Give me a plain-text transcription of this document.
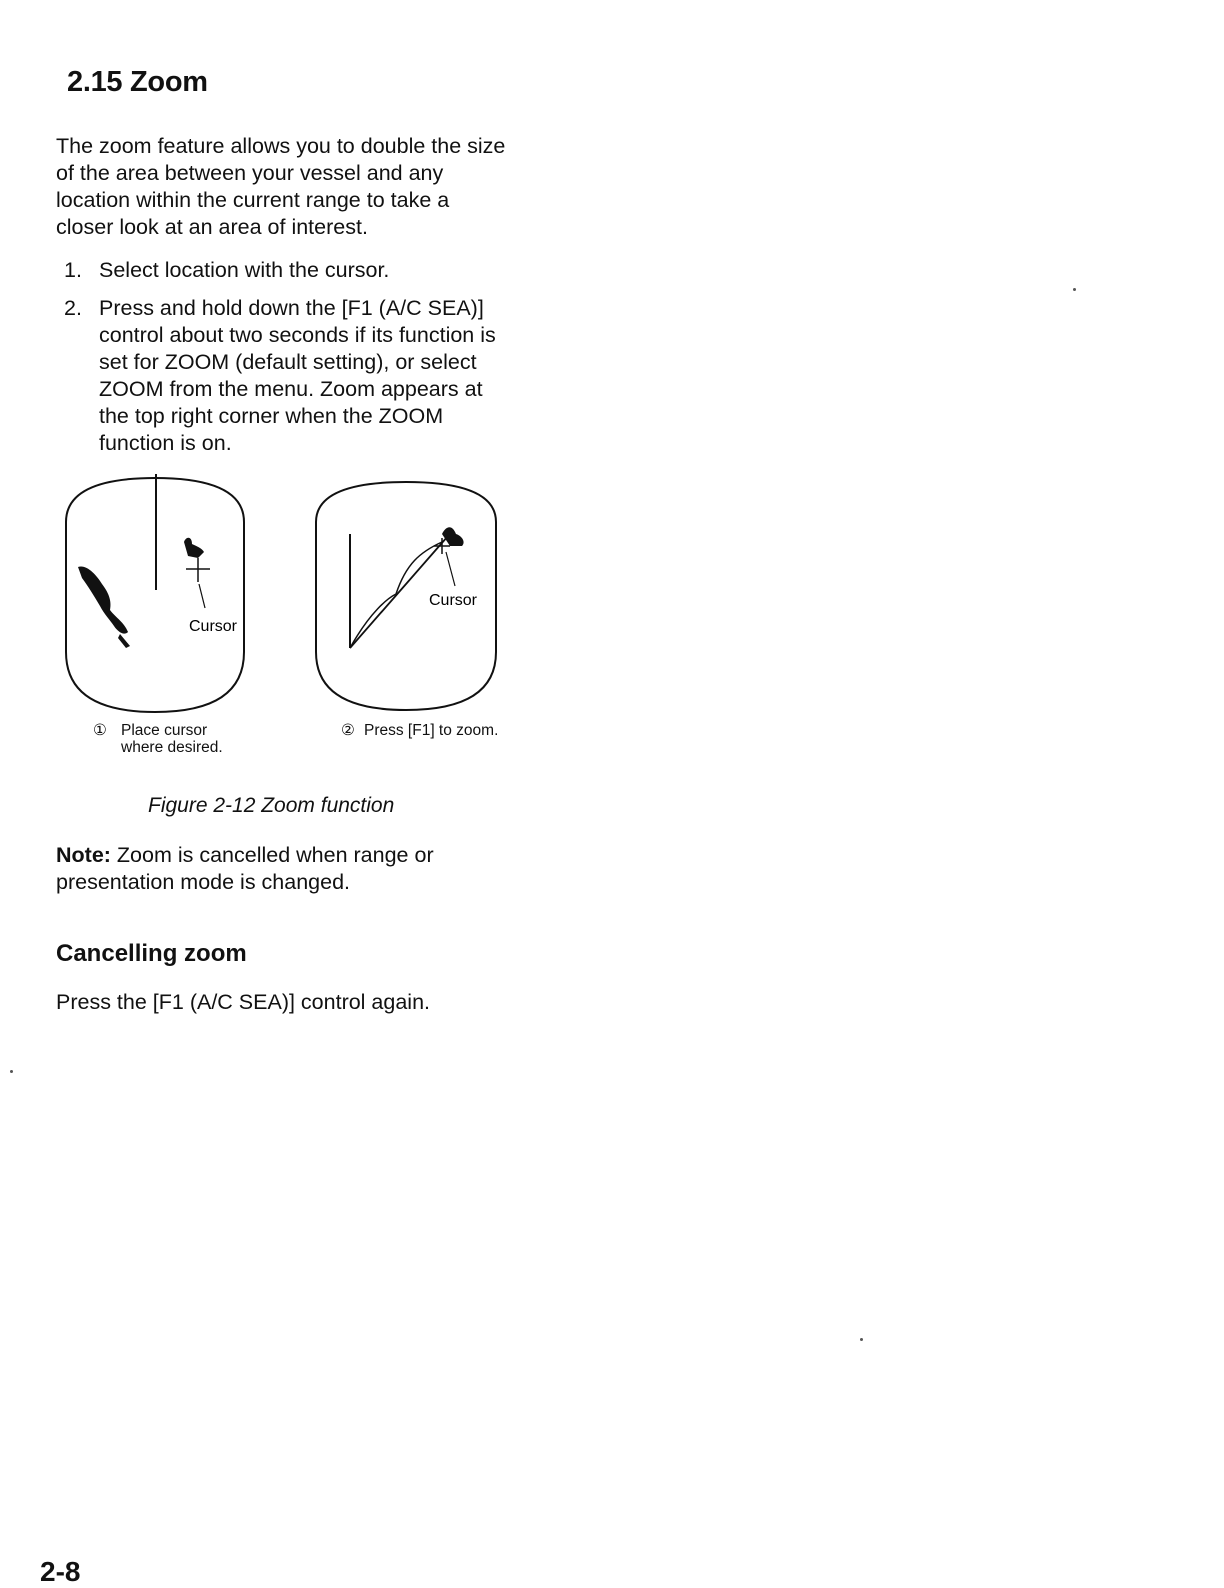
2.15 Zoom

The zoom feature allows you to double the size of the area between your vessel and any location within the current range to take a closer look at an area of interest.

1. Select location with the cursor.
2. Press and hold down the [F1 (A/C SEA)] control about two seconds if its function is set for ZOOM (default setting), or select ZOOM from the menu. Zoom appears at the top right corner when the ZOOM function is on.
Cursor
Cursor
① Place cursor where desired.
② Press [F1] to zoom.

Figure 2-12 Zoom function

Note: Zoom is cancelled when range or presentation mode is changed.

Cancelling zoom

Press the [F1 (A/C SEA)] control again.

2-8
